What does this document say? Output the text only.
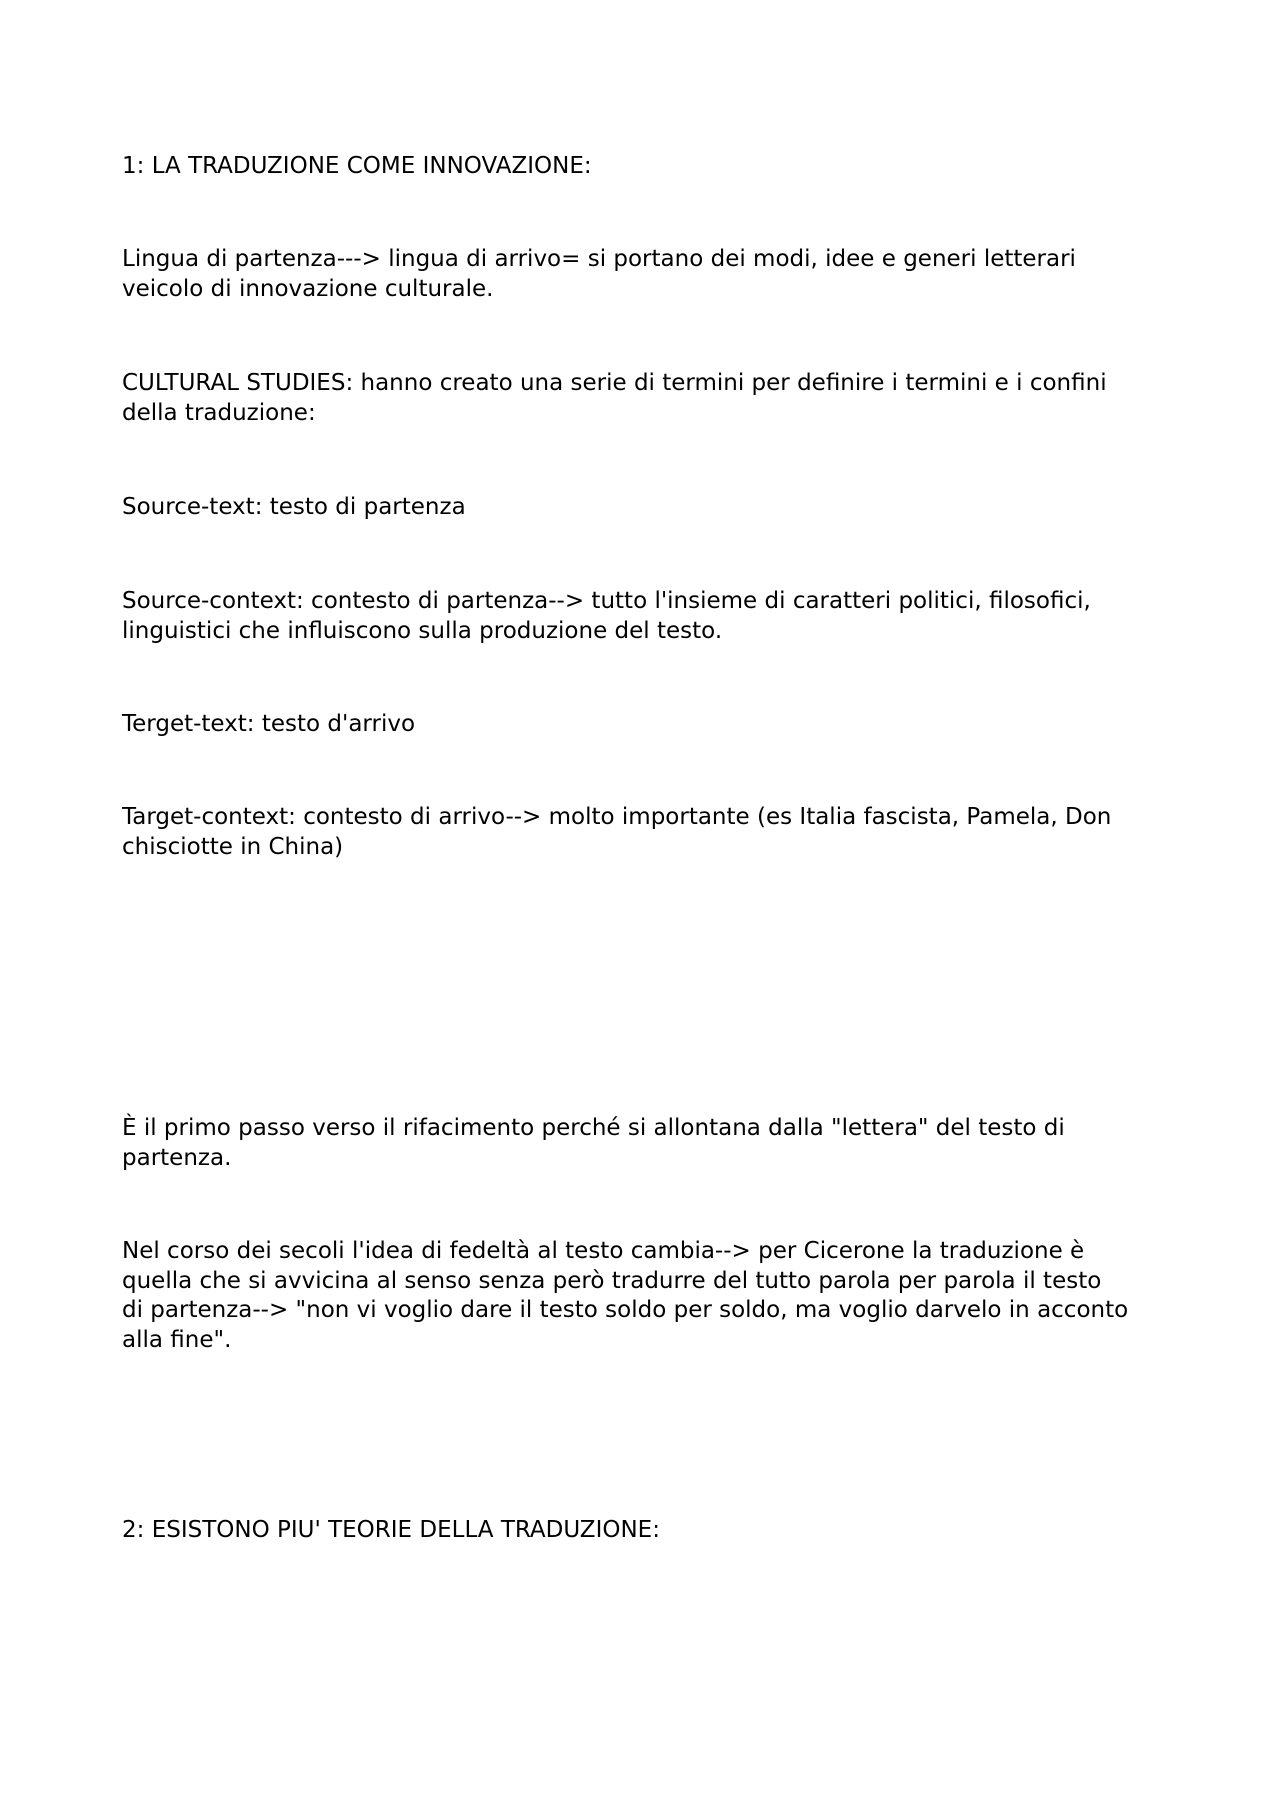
1: LA TRADUZIONE COME INNOVAZIONE:

Lingua di partenza---> lingua di arrivo= si portano dei modi, idee e generi letterari
veicolo di innovazione culturale.

CULTURAL STUDIES: hanno creato una serie di termini per definire i termini e i confini
della traduzione:

Source-text: testo di partenza

Source-context: contesto di partenza--> tutto l'insieme di caratteri politici, filosofici,
linguistici che influiscono sulla produzione del testo.

Terget-text: testo d'arrivo

Target-context: contesto di arrivo--> molto importante (es Italia fascista, Pamela, Don
chisciotte in China)

È il primo passo verso il rifacimento perché si allontana dalla "lettera" del testo di
partenza.

Nel corso dei secoli l'idea di fedeltà al testo cambia--> per Cicerone la traduzione è
quella che si avvicina al senso senza però tradurre del tutto parola per parola il testo
di partenza--> "non vi voglio dare il testo soldo per soldo, ma voglio darvelo in acconto
alla fine".

2: ESISTONO PIU' TEORIE DELLA TRADUZIONE:
